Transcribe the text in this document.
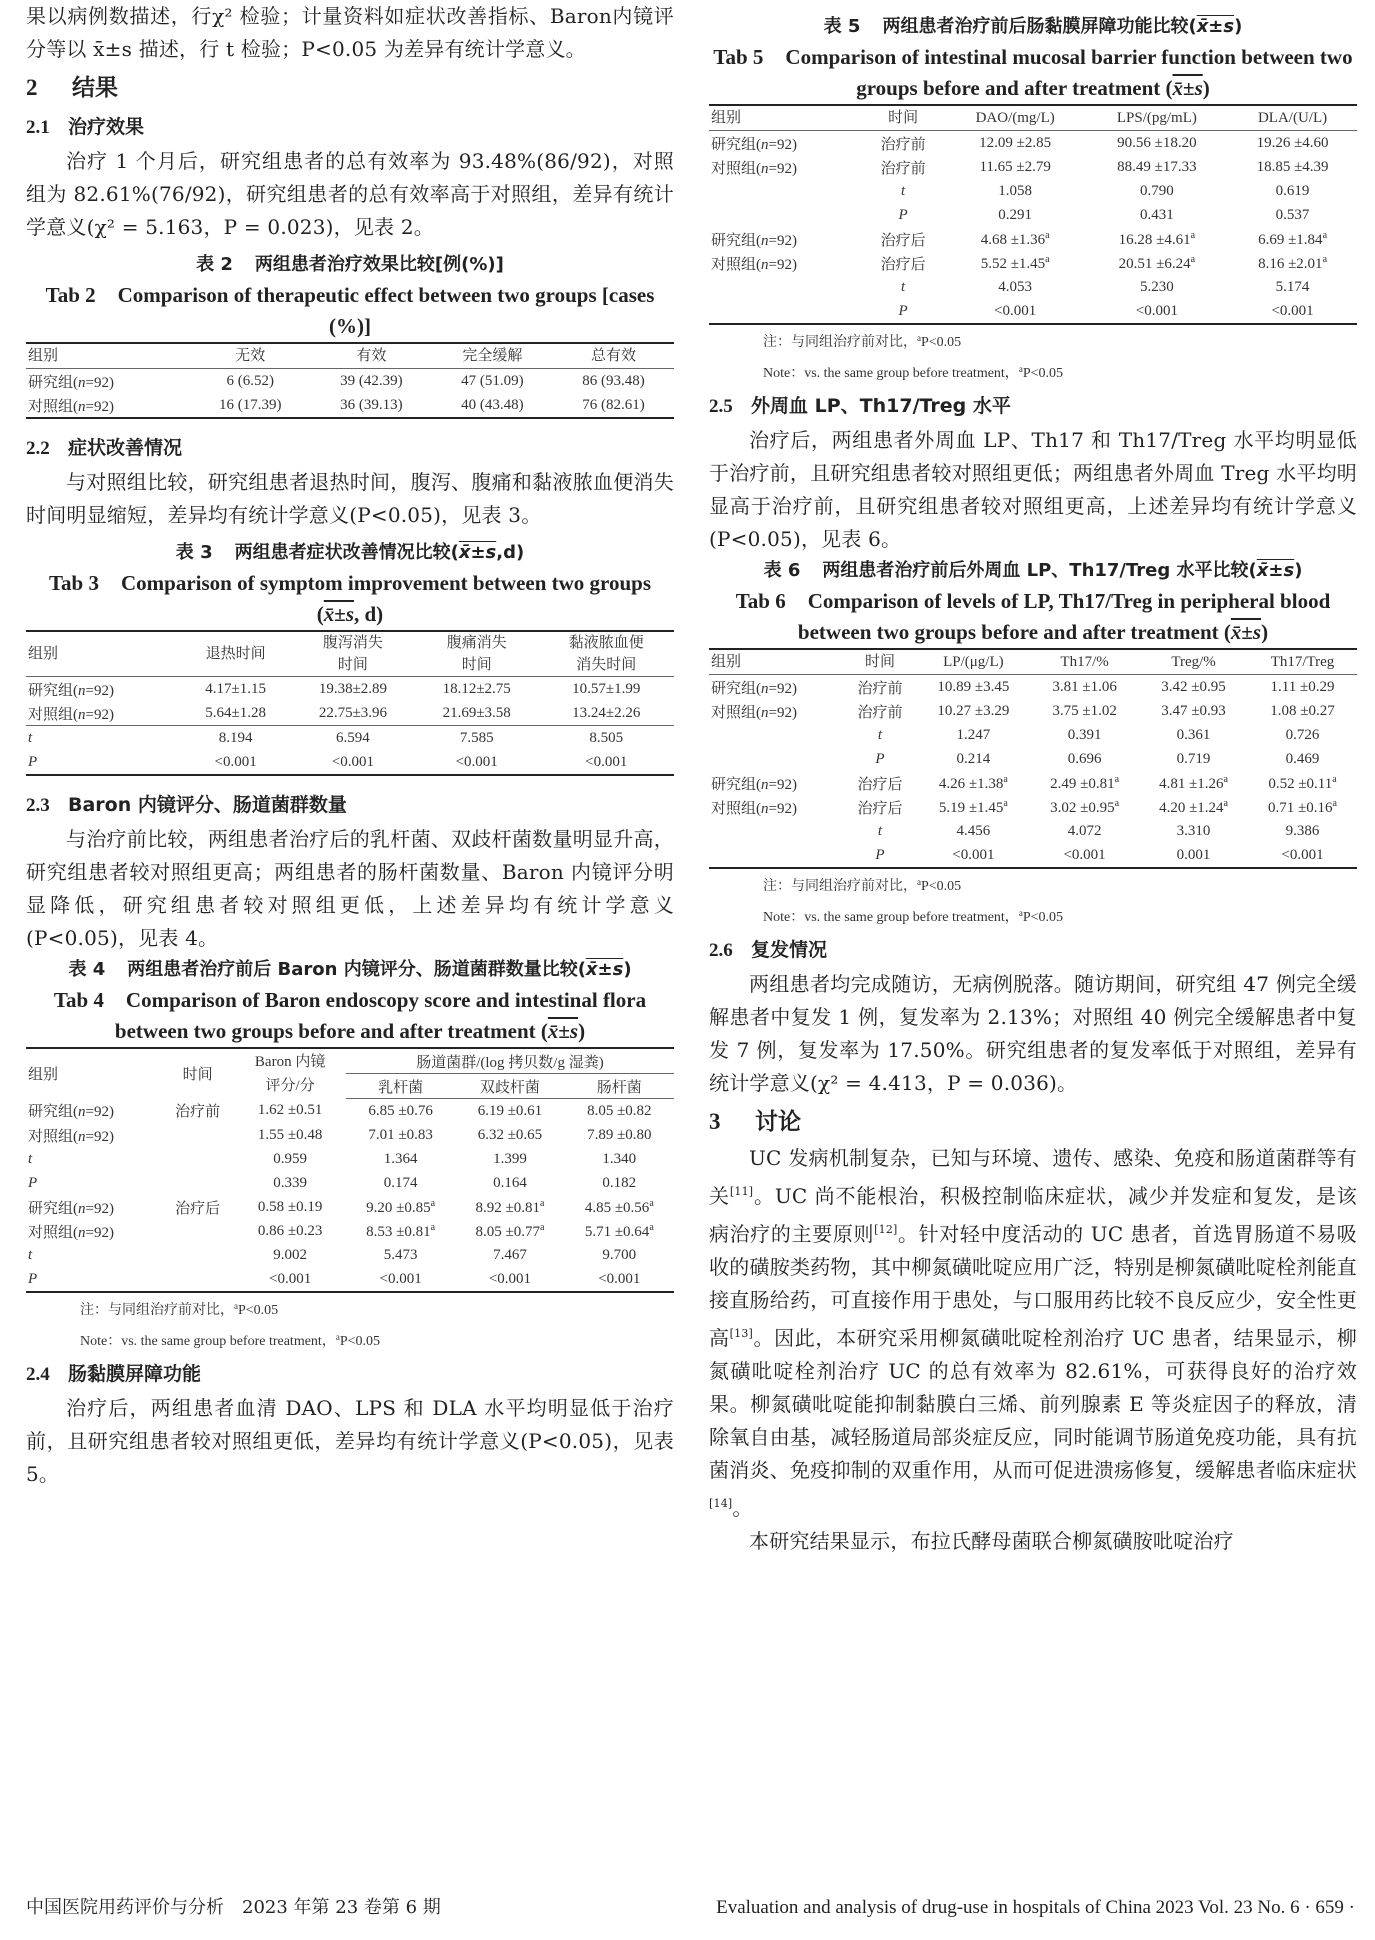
果以病例数描述，行χ² 检验；计量资料如症状改善指标、Baron内镜评分等以 x̄±s 描述，行 t 检验；P<0.05 为差异有统计学意义。

2 结果
2.1 治疗效果

治疗 1 个月后，研究组患者的总有效率为 93.48%(86/92)，对照组为 82.61%(76/92)，研究组患者的总有效率高于对照组，差异有统计学意义(χ² = 5.163，P = 0.023)，见表 2。

表 2 两组患者治疗效果比较[例(%)]

Tab 2 Comparison of therapeutic effect between two groups [cases (%)]

组别	无效	有效	完全缓解	总有效
研究组(n=92)	6 (6.52)	39 (42.39)	47 (51.09)	86 (93.48)
对照组(n=92)	16 (17.39)	36 (39.13)	40 (43.48)	76 (82.61)
2.2 症状改善情况

与对照组比较，研究组患者退热时间，腹泻、腹痛和黏液脓血便消失时间明显缩短，差异均有统计学意义(P<0.05)，见表 3。

表 3 两组患者症状改善情况比较(x̄±s,d)

Tab 3 Comparison of symptom improvement between two groups (x̄±s, d)

组别	退热时间	腹泻消失
时间	腹痛消失
时间	黏液脓血便
消失时间
研究组(n=92)	4.17±1.15	19.38±2.89	18.12±2.75	10.57±1.99
对照组(n=92)	5.64±1.28	22.75±3.96	21.69±3.58	13.24±2.26
t	8.194	6.594	7.585	8.505
P	<0.001	<0.001	<0.001	<0.001
2.3 Baron 内镜评分、肠道菌群数量

与治疗前比较，两组患者治疗后的乳杆菌、双歧杆菌数量明显升高，研究组患者较对照组更高；两组患者的肠杆菌数量、Baron 内镜评分明显降低，研究组患者较对照组更低，上述差异均有统计学意义(P<0.05)，见表 4。

表 4 两组患者治疗前后 Baron 内镜评分、肠道菌群数量比较(x̄±s)

Tab 4 Comparison of Baron endoscopy score and intestinal flora between two groups before and after treatment (x̄±s)

组别	时间	Baron 内镜
评分/分	肠道菌群/(log 拷贝数/g 湿粪)		
			乳杆菌	双歧杆菌	肠杆菌
研究组(n=92)	治疗前	1.62 ±0.51	6.85 ±0.76	6.19 ±0.61	8.05 ±0.82
对照组(n=92)		1.55 ±0.48	7.01 ±0.83	6.32 ±0.65	7.89 ±0.80
t		0.959	1.364	1.399	1.340
P		0.339	0.174	0.164	0.182
研究组(n=92)	治疗后	0.58 ±0.19	9.20 ±0.85$^a$	8.92 ±0.81$^a$	4.85 ±0.56$^a$
对照组(n=92)		0.86 ±0.23	8.53 ±0.81$^a$	8.05 ±0.77$^a$	5.71 ±0.64$^a$
t		9.002	5.473	7.467	9.700
P		<0.001	<0.001	<0.001	<0.001

注：与同组治疗前对比，$^a$P<0.05

Note：vs. the same group before treatment，$^a$P<0.05

2.4 肠黏膜屏障功能

治疗后，两组患者血清 DAO、LPS 和 DLA 水平均明显低于治疗前，且研究组患者较对照组更低，差异均有统计学意义(P<0.05)，见表 5。

表 5 两组患者治疗前后肠黏膜屏障功能比较(x̄±s)

Tab 5 Comparison of intestinal mucosal barrier function between two groups before and after treatment (x̄±s)

组别	时间	DAO/(mg/L)	LPS/(pg/mL)	DLA/(U/L)
研究组(n=92)	治疗前	12.09 ±2.85	90.56 ±18.20	19.26 ±4.60
对照组(n=92)	治疗前	11.65 ±2.79	88.49 ±17.33	18.85 ±4.39
	t	1.058	0.790	0.619
	P	0.291	0.431	0.537
研究组(n=92)	治疗后	4.68 ±1.36$^a$	16.28 ±4.61$^a$	6.69 ±1.84$^a$
对照组(n=92)	治疗后	5.52 ±1.45$^a$	20.51 ±6.24$^a$	8.16 ±2.01$^a$
	t	4.053	5.230	5.174
	P	<0.001	<0.001	<0.001

注：与同组治疗前对比，$^a$P<0.05

Note：vs. the same group before treatment，$^a$P<0.05

2.5 外周血 LP、Th17/Treg 水平

治疗后，两组患者外周血 LP、Th17 和 Th17/Treg 水平均明显低于治疗前，且研究组患者较对照组更低；两组患者外周血 Treg 水平均明显高于治疗前，且研究组患者较对照组更高，上述差异均有统计学意义(P<0.05)，见表 6。

表 6 两组患者治疗前后外周血 LP、Th17/Treg 水平比较(x̄±s)

Tab 6 Comparison of levels of LP, Th17/Treg in peripheral blood between two groups before and after treatment (x̄±s)

组别	时间	LP/(μg/L)	Th17/%	Treg/%	Th17/Treg
研究组(n=92)	治疗前	10.89 ±3.45	3.81 ±1.06	3.42 ±0.95	1.11 ±0.29
对照组(n=92)	治疗前	10.27 ±3.29	3.75 ±1.02	3.47 ±0.93	1.08 ±0.27
	t	1.247	0.391	0.361	0.726
	P	0.214	0.696	0.719	0.469
研究组(n=92)	治疗后	4.26 ±1.38$^a$	2.49 ±0.81$^a$	4.81 ±1.26$^a$	0.52 ±0.11$^a$
对照组(n=92)	治疗后	5.19 ±1.45$^a$	3.02 ±0.95$^a$	4.20 ±1.24$^a$	0.71 ±0.16$^a$
	t	4.456	4.072	3.310	9.386
	P	<0.001	<0.001	0.001	<0.001

注：与同组治疗前对比，$^a$P<0.05

Note：vs. the same group before treatment，$^a$P<0.05

2.6 复发情况

两组患者均完成随访，无病例脱落。随访期间，研究组 47 例完全缓解患者中复发 1 例，复发率为 2.13%；对照组 40 例完全缓解患者中复发 7 例，复发率为 17.50%。研究组患者的复发率低于对照组，差异有统计学意义(χ² = 4.413，P = 0.036)。

3 讨论

UC 发病机制复杂，已知与环境、遗传、感染、免疫和肠道菌群等有关[11]。UC 尚不能根治，积极控制临床症状，减少并发症和复发，是该病治疗的主要原则[12]。针对轻中度活动的 UC 患者，首选胃肠道不易吸收的磺胺类药物，其中柳氮磺吡啶应用广泛，特别是柳氮磺吡啶栓剂能直接直肠给药，可直接作用于患处，与口服用药比较不良反应少，安全性更高[13]。因此，本研究采用柳氮磺吡啶栓剂治疗 UC 患者，结果显示，柳氮磺吡啶栓剂治疗 UC 的总有效率为 82.61%，可获得良好的治疗效果。柳氮磺吡啶能抑制黏膜白三烯、前列腺素 E 等炎症因子的释放，清除氧自由基，减轻肠道局部炎症反应，同时能调节肠道免疫功能，具有抗菌消炎、免疫抑制的双重作用，从而可促进溃疡修复，缓解患者临床症状[14]。

本研究结果显示，布拉氏酵母菌联合柳氮磺胺吡啶治疗

中国医院用药评价与分析　2023 年第 23 卷第 6 期	Evaluation and analysis of drug-use in hospitals of China 2023 Vol. 23 No. 6 · 659 ·
